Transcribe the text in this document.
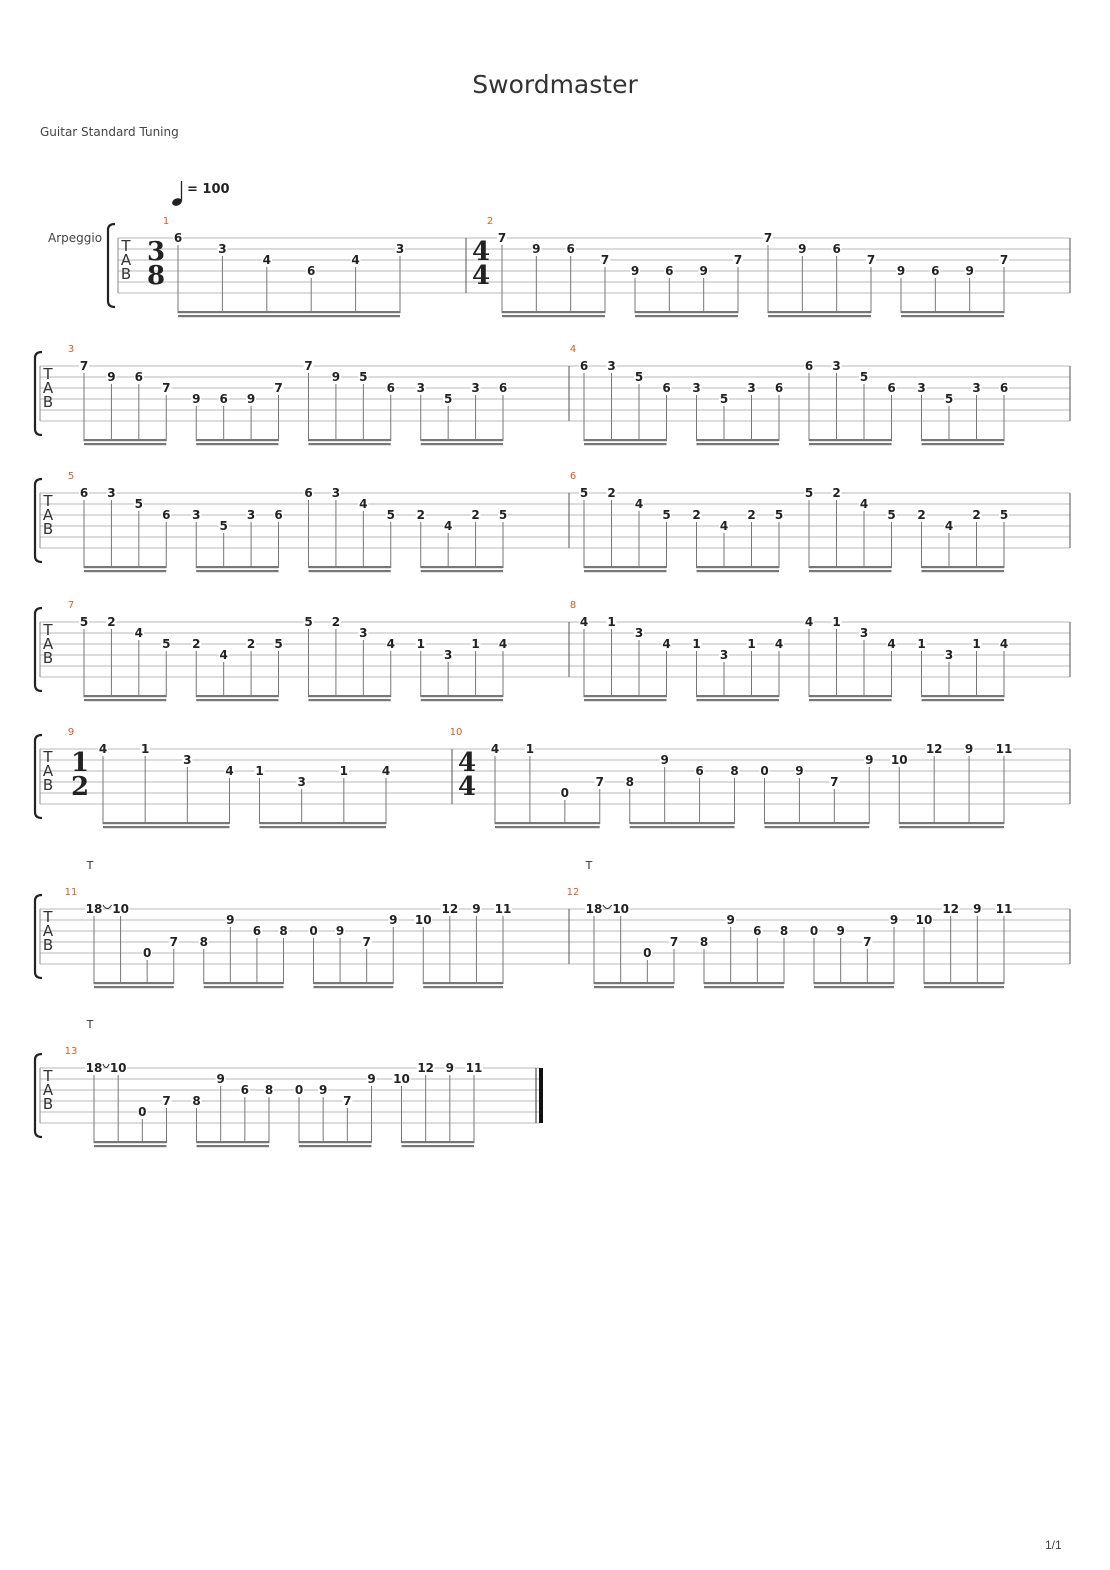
Swordmaster
Guitar Standard Tuning
= 100
Arpeggio T
A
B
1
3
8
6
3
4
6
4
3
2
4
4
7
9 6
7
9 6 9
7
7
9 6
7
9 6 9
7
T
A
B
3
7
9 6
7
9 6 9
7
7
9 5
6 3
5
3 6
4
6 3
5
6 3
5
3 6
6 3
5
6 3
5
3 6
T
A
B
5
6 3
5
6 3
5
3 6
6 3
4
5 2
4
2 5
6
5 2
4
5 2
4
2 5
5 2
4
5 2
4
2 5
T
A
B
7
5 2
4
5 2
4
2 5
5 2
3
4 1
3
1 4
8
4 1
3
4 1
3
1 4
4 1
3
4 1
3
1 4
T
A
B
9
1
2
4	1
3
4 1
3
1	4
10
4
4
4 1
0
7 8
9
6 8 0 9
7
9 10
12 9 11
T
A
B
11
T
18 10
0
7 8
9
6 8 0 9
7
9 10
12 9 11
12
T
18 10
0
7 8
9
6 8 0 9
7
9 10
12 9 11
T
A
B
13
T
18 10
0
7 8
9
6 8 0 9
7
9 10
12 9 11
1/1
